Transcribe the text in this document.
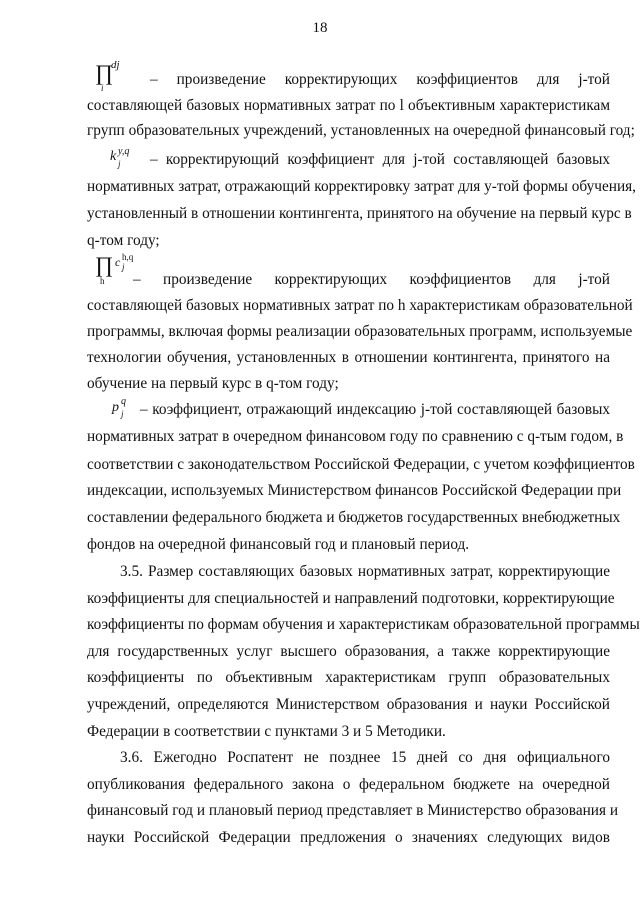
18
∏
i
dj
– произведение корректирующих коэффициентов для j-той
составляющей базовых нормативных затрат по l объективным характеристикам
групп образовательных учреждений, установленных на очередной финансовый год;
k y,q
j – корректирующий коэффициент для j-той составляющей базовых
нормативных затрат, отражающий корректировку затрат для y-той формы обучения,
установленный в отношении контингента, принятого на обучение на первый курс в
q-том году;
∏
h
c h,q
j
– произведение корректирующих коэффициентов для j-той
составляющей базовых нормативных затрат по h характеристикам образовательной
программы, включая формы реализации образовательных программ, используемые
технологии обучения, установленных в отношении контингента, принятого на
обучение на первый курс в q-том году;
p q
j – коэффициент, отражающий индексацию j-той составляющей базовых
нормативных затрат в очередном финансовом году по сравнению с q-тым годом, в
соответствии с законодательством Российской Федерации, с учетом коэффициентов
индексации, используемых Министерством финансов Российской Федерации при
составлении федерального бюджета и бюджетов государственных внебюджетных
фондов на очередной финансовый год и плановый период.
3.5. Размер составляющих базовых нормативных затрат, корректирующие
коэффициенты для специальностей и направлений подготовки, корректирующие
коэффициенты по формам обучения и характеристикам образовательной программы
для государственных услуг высшего образования, а также корректирующие
коэффициенты по объективным характеристикам групп образовательных
учреждений, определяются Министерством образования и науки Российской
Федерации в соответствии с пунктами 3 и 5 Методики.
3.6. Ежегодно Роспатент не позднее 15 дней со дня официального
опубликования федерального закона о федеральном бюджете на очередной
финансовый год и плановый период представляет в Министерство образования и
науки Российской Федерации предложения о значениях следующих видов
